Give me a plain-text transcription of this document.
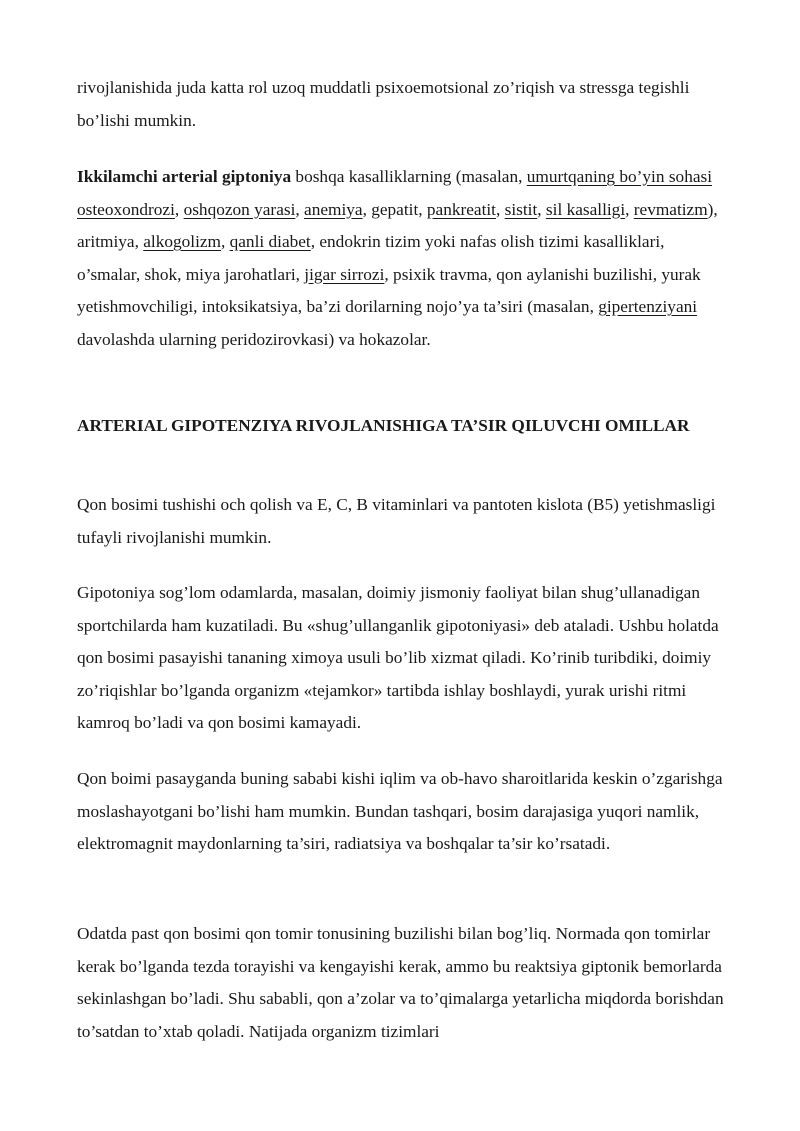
rivojlanishida juda katta rol uzoq muddatli psixoemotsional zo’riqish va stressga tegishli bo’lishi mumkin.

Ikkilamchi arterial giptoniya boshqa kasalliklarning (masalan, umurtqaning bo’yin sohasi osteoxondrozi, oshqozon yarasi, anemiya, gepatit, pankreatit, sistit, sil kasalligi, revmatizm), aritmiya, alkogolizm, qanli diabet, endokrin tizim yoki nafas olish tizimi kasalliklari, o’smalar, shok, miya jarohatlari, jigar sirrozi, psixik travma, qon aylanishi buzilishi, yurak yetishmovchiligi, intoksikatsiya, ba’zi dorilarning nojo’ya ta’siri (masalan, gipertenziyani davolashda ularning peridozirovkasi) va hokazolar.

ARTERIAL GIPOTENZIYA RIVOJLANISHIGA TA’SIR QILUVCHI OMILLAR

Qon bosimi tushishi och qolish va E, C, B vitaminlari va pantoten kislota (B5) yetishmasligi tufayli rivojlanishi mumkin.

Gipotoniya sog’lom odamlarda, masalan, doimiy jismoniy faoliyat bilan shug’ullanadigan sportchilarda ham kuzatiladi. Bu «shug’ullanganlik gipotoniyasi» deb ataladi. Ushbu holatda qon bosimi pasayishi tananing ximoya usuli bo’lib xizmat qiladi. Ko’rinib turibdiki, doimiy zo’riqishlar bo’lganda organizm «tejamkor» tartibda ishlay boshlaydi, yurak urishi ritmi kamroq bo’ladi va qon bosimi kamayadi.

Qon boimi pasayganda buning sababi kishi iqlim va ob-havo sharoitlarida keskin o’zgarishga moslashayotgani bo’lishi ham mumkin. Bundan tashqari, bosim darajasiga yuqori namlik, elektromagnit maydonlarning ta’siri, radiatsiya va boshqalar ta’sir ko’rsatadi.

Odatda past qon bosimi qon tomir tonusining buzilishi bilan bog’liq. Normada qon tomirlar kerak bo’lganda tezda torayishi va kengayishi kerak, ammo bu reaktsiya giptonik bemorlarda sekinlashgan bo’ladi. Shu sababli, qon a’zolar va to’qimalarga yetarlicha miqdorda borishdan to’satdan to’xtab qoladi. Natijada organizm tizimlari
